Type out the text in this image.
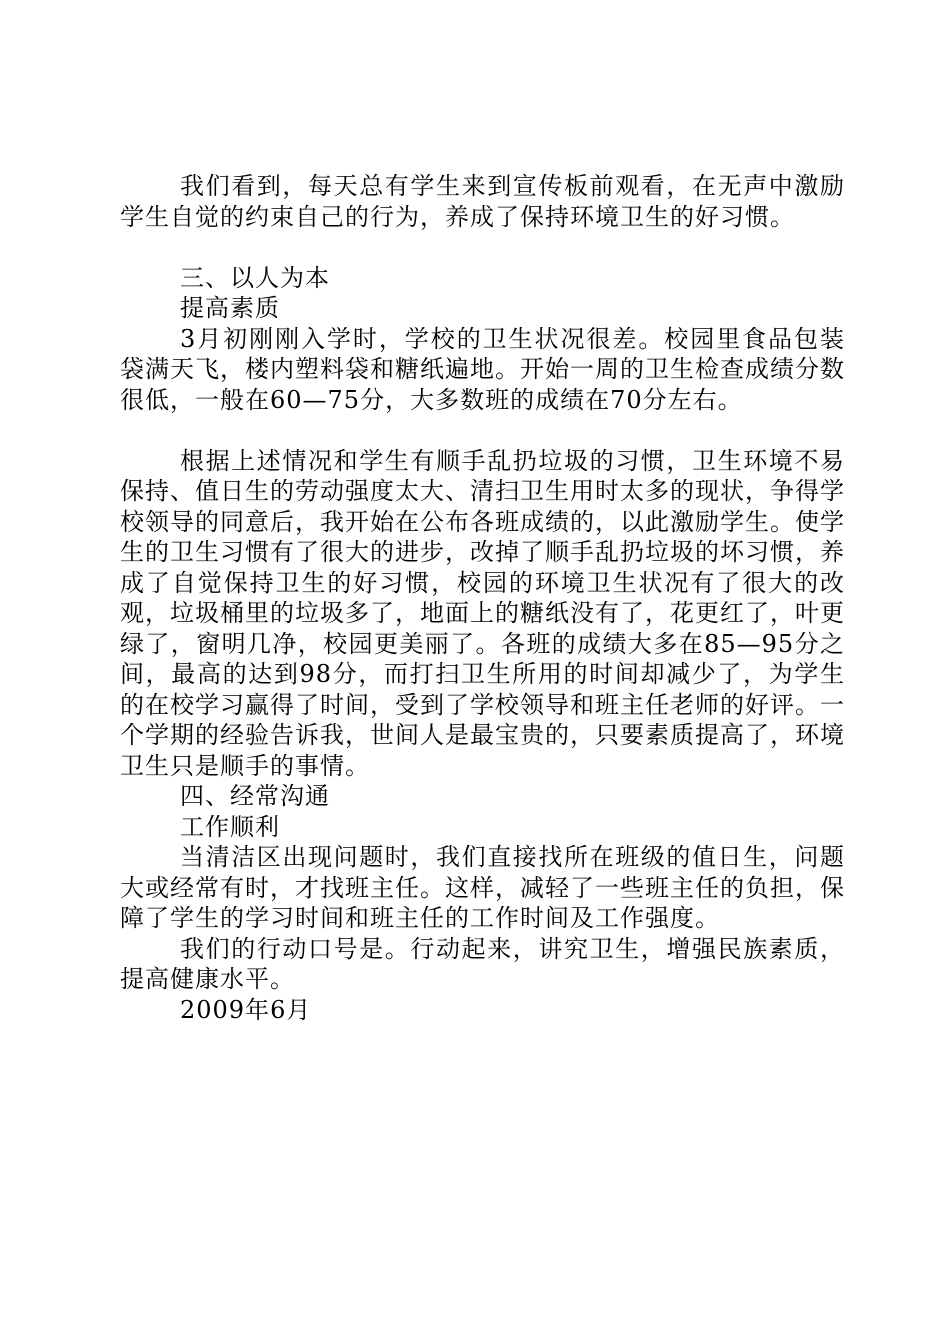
我们看到，每天总有学生来到宣传板前观看，在无声中激励学生自觉的约束自己的行为，养成了保持环境卫生的好习惯。

三、以人为本

提高素质

3月初刚刚入学时，学校的卫生状况很差。校园里食品包装袋满天飞，楼内塑料袋和糖纸遍地。开始一周的卫生检查成绩分数很低，一般在60—75分，大多数班的成绩在70分左右。

根据上述情况和学生有顺手乱扔垃圾的习惯，卫生环境不易保持、值日生的劳动强度太大、清扫卫生用时太多的现状，争得学校领导的同意后，我开始在公布各班成绩的，以此激励学生。使学生的卫生习惯有了很大的进步，改掉了顺手乱扔垃圾的坏习惯，养成了自觉保持卫生的好习惯，校园的环境卫生状况有了很大的改观，垃圾桶里的垃圾多了，地面上的糖纸没有了，花更红了，叶更绿了，窗明几净，校园更美丽了。各班的成绩大多在85—95分之间，最高的达到98分，而打扫卫生所用的时间却减少了，为学生的在校学习赢得了时间，受到了学校领导和班主任老师的好评。一个学期的经验告诉我，世间人是最宝贵的，只要素质提高了，环境卫生只是顺手的事情。

四、经常沟通

工作顺利

当清洁区出现问题时，我们直接找所在班级的值日生，问题大或经常有时，才找班主任。这样，减轻了一些班主任的负担，保障了学生的学习时间和班主任的工作时间及工作强度。

我们的行动口号是。行动起来，讲究卫生，增强民族素质，提高健康水平。

2009年6月
